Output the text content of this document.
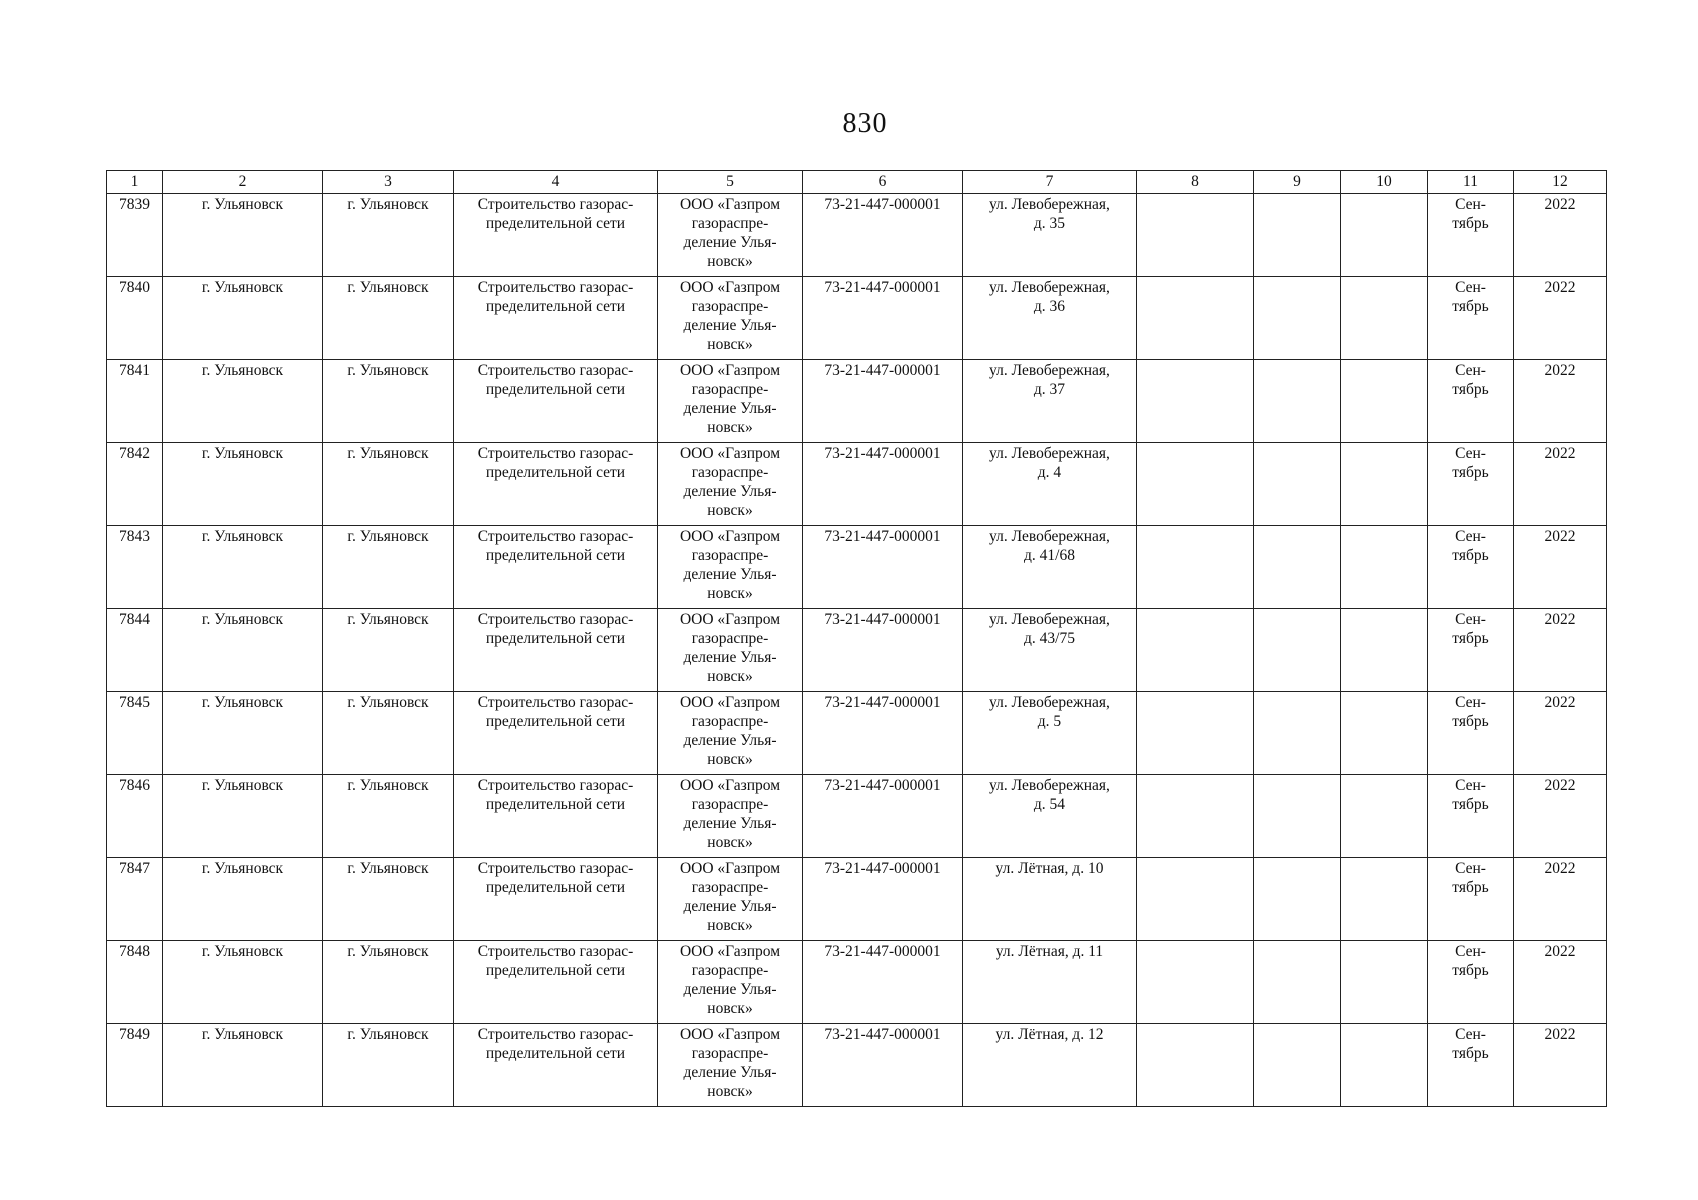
830
1	2	3	4	5	6	7	8	9	10	11	12
7839	г. Ульяновск	г. Ульяновск	Строительство газорас-
пределительной сети	ООО «Газпром
газораспре-
деление Улья-
новск»	73-21-447-000001	ул. Левобережная,
д. 35				Сен-
тябрь	2022
7840	г. Ульяновск	г. Ульяновск	Строительство газорас-
пределительной сети	ООО «Газпром
газораспре-
деление Улья-
новск»	73-21-447-000001	ул. Левобережная,
д. 36				Сен-
тябрь	2022
7841	г. Ульяновск	г. Ульяновск	Строительство газорас-
пределительной сети	ООО «Газпром
газораспре-
деление Улья-
новск»	73-21-447-000001	ул. Левобережная,
д. 37				Сен-
тябрь	2022
7842	г. Ульяновск	г. Ульяновск	Строительство газорас-
пределительной сети	ООО «Газпром
газораспре-
деление Улья-
новск»	73-21-447-000001	ул. Левобережная,
д. 4				Сен-
тябрь	2022
7843	г. Ульяновск	г. Ульяновск	Строительство газорас-
пределительной сети	ООО «Газпром
газораспре-
деление Улья-
новск»	73-21-447-000001	ул. Левобережная,
д. 41/68				Сен-
тябрь	2022
7844	г. Ульяновск	г. Ульяновск	Строительство газорас-
пределительной сети	ООО «Газпром
газораспре-
деление Улья-
новск»	73-21-447-000001	ул. Левобережная,
д. 43/75				Сен-
тябрь	2022
7845	г. Ульяновск	г. Ульяновск	Строительство газорас-
пределительной сети	ООО «Газпром
газораспре-
деление Улья-
новск»	73-21-447-000001	ул. Левобережная,
д. 5				Сен-
тябрь	2022
7846	г. Ульяновск	г. Ульяновск	Строительство газорас-
пределительной сети	ООО «Газпром
газораспре-
деление Улья-
новск»	73-21-447-000001	ул. Левобережная,
д. 54				Сен-
тябрь	2022
7847	г. Ульяновск	г. Ульяновск	Строительство газорас-
пределительной сети	ООО «Газпром
газораспре-
деление Улья-
новск»	73-21-447-000001	ул. Лётная, д. 10				Сен-
тябрь	2022
7848	г. Ульяновск	г. Ульяновск	Строительство газорас-
пределительной сети	ООО «Газпром
газораспре-
деление Улья-
новск»	73-21-447-000001	ул. Лётная, д. 11				Сен-
тябрь	2022
7849	г. Ульяновск	г. Ульяновск	Строительство газорас-
пределительной сети	ООО «Газпром
газораспре-
деление Улья-
новск»	73-21-447-000001	ул. Лётная, д. 12				Сен-
тябрь	2022
